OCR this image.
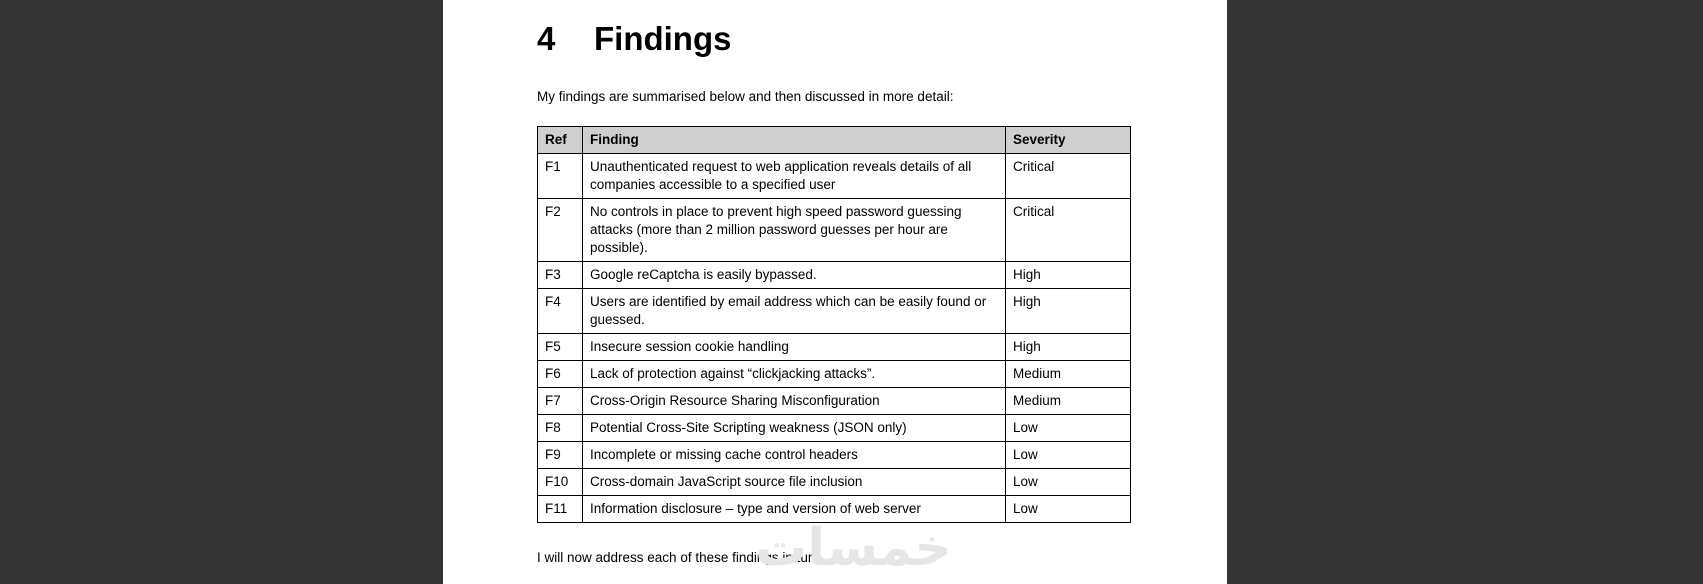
4 Findings
My findings are summarised below and then discussed in more detail:
Ref	Finding	Severity
F1	Unauthenticated request to web application reveals details of all companies accessible to a specified user	Critical
F2	No controls in place to prevent high speed password guessing attacks (more than 2 million password guesses per hour are possible).	Critical
F3	Google reCaptcha is easily bypassed.	High
F4	Users are identified by email address which can be easily found or guessed.	High
F5	Insecure session cookie handling	High
F6	Lack of protection against “clickjacking attacks”.	Medium
F7	Cross-Origin Resource Sharing Misconfiguration	Medium
F8	Potential Cross-Site Scripting weakness (JSON only)	Low
F9	Incomplete or missing cache control headers	Low
F10	Cross-domain JavaScript source file inclusion	Low
F11	Information disclosure – type and version of web server	Low
I will now address each of these findings in turn.
خمسات
